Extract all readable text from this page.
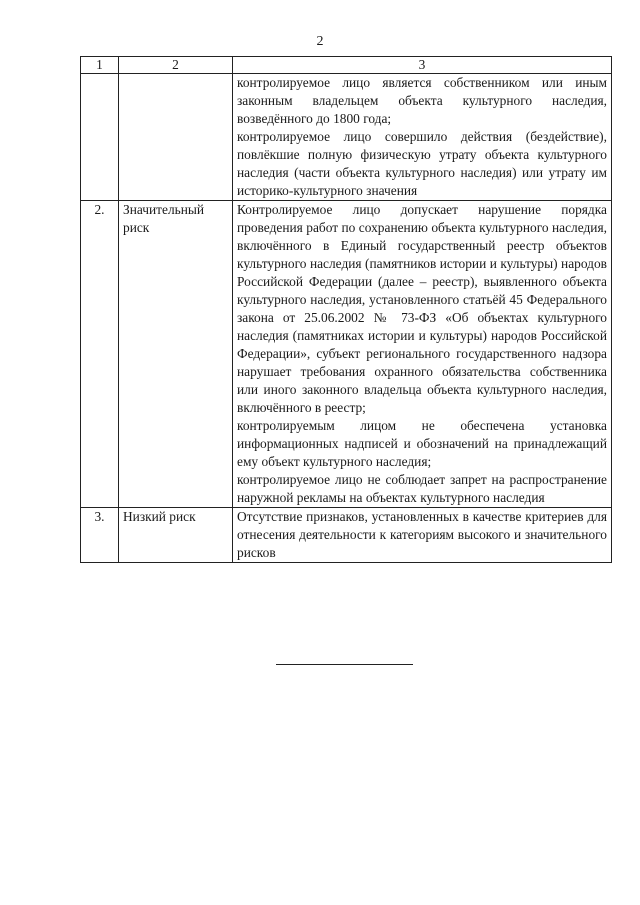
2
1	2	3

		контролируемое лицо является собственником или иным законным владельцем объекта культурного наследия, возведённого до 1800 года;

контролируемое лицо совершило действия (бездействие), повлёкшие полную физическую утрату объекта культурного наследия (части объекта культурного наследия) или утрату им историко-культурного значения

2.	Значительный риск	Контролируемое лицо допускает нарушение порядка проведения работ по сохранению объекта культурного наследия, включённого в Единый государственный реестр объектов культурного наследия (памятников истории и культуры) народов Российской Федерации (далее – реестр), выявленного объекта культурного наследия, установленного статьёй 45 Федерального закона от 25.06.2002 № 73-ФЗ «Об объектах культурного наследия (памятниках истории и культуры) народов Российской Федерации», субъект регионального государственного надзора нарушает требования охранного обязательства собственника или иного законного владельца объекта культурного наследия, включённого в реестр;

контролируемым лицом не обеспечена установка информационных надписей и обозначений на принадлежащий ему объект культурного наследия;

контролируемое лицо не соблюдает запрет на распространение наружной рекламы на объектах культурного наследия

3.	Низкий риск	Отсутствие признаков, установленных в качестве критериев для отнесения деятельности к категориям высокого и значительного рисков
